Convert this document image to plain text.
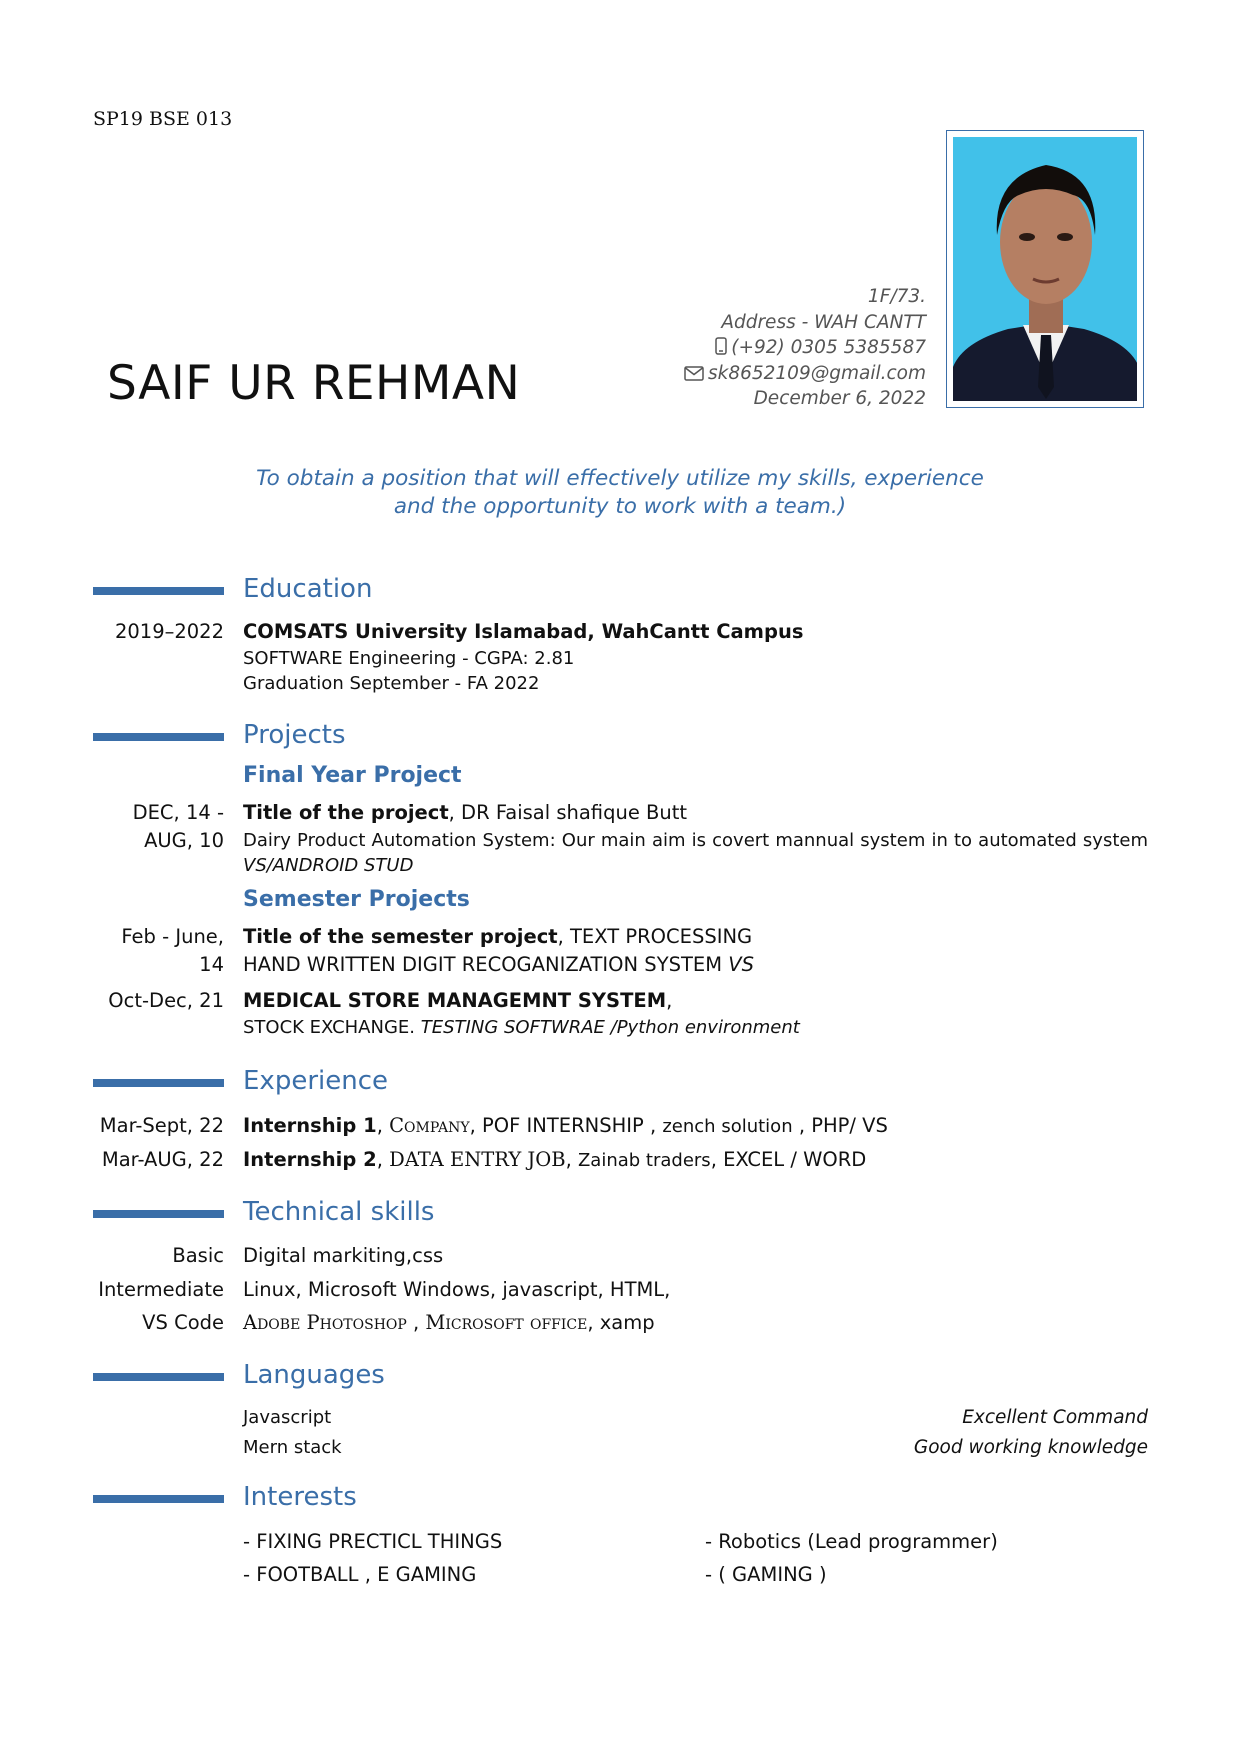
SP19 BSE 013
SAIF UR REHMAN
1F/73.
Address - WAH CANTT
(+92) 0305 5385587
sk8652109@gmail.com
December 6, 2022
To obtain a position that will effectively utilize my skills, experience
and the opportunity to work with a team.)
Education
2019–2022 COMSATS University Islamabad, WahCantt Campus
SOFTWARE Engineering - CGPA: 2.81
Graduation September - FA 2022
Projects
Final Year Project
DEC, 14 -
AUG, 10
Title of the project, DR Faisal shafique Butt
Dairy Product Automation System: Our main aim is covert mannual system in to automated system
VS/ANDROID STUD
Semester Projects
Feb - June,
14
Title of the semester project, TEXT PROCESSING
HAND WRITTEN DIGIT RECOGANIZATION SYSTEM VS
Oct-Dec, 21 MEDICAL STORE MANAGEMNT SYSTEM,
STOCK EXCHANGE. TESTING SOFTWRAE /Python environment
Experience
Mar-Sept, 22 Internship 1, Company, POF INTERNSHIP , zench solution , PHP/ VS
Mar-AUG, 22 Internship 2, DATA ENTRY JOB, Zainab traders, EXCEL / WORD
Technical skills
Basic Digital markiting,css
Intermediate Linux, Microsoft Windows, javascript, HTML,
VS Code Adobe Photoshop , Microsoft office, xamp
Languages
Javascript	Excellent Command
Mern stack	Good working knowledge
Interests
- FIXING PRECTICL THINGS
- FOOTBALL , E GAMING
- Robotics (Lead programmer)
- ( GAMING )
